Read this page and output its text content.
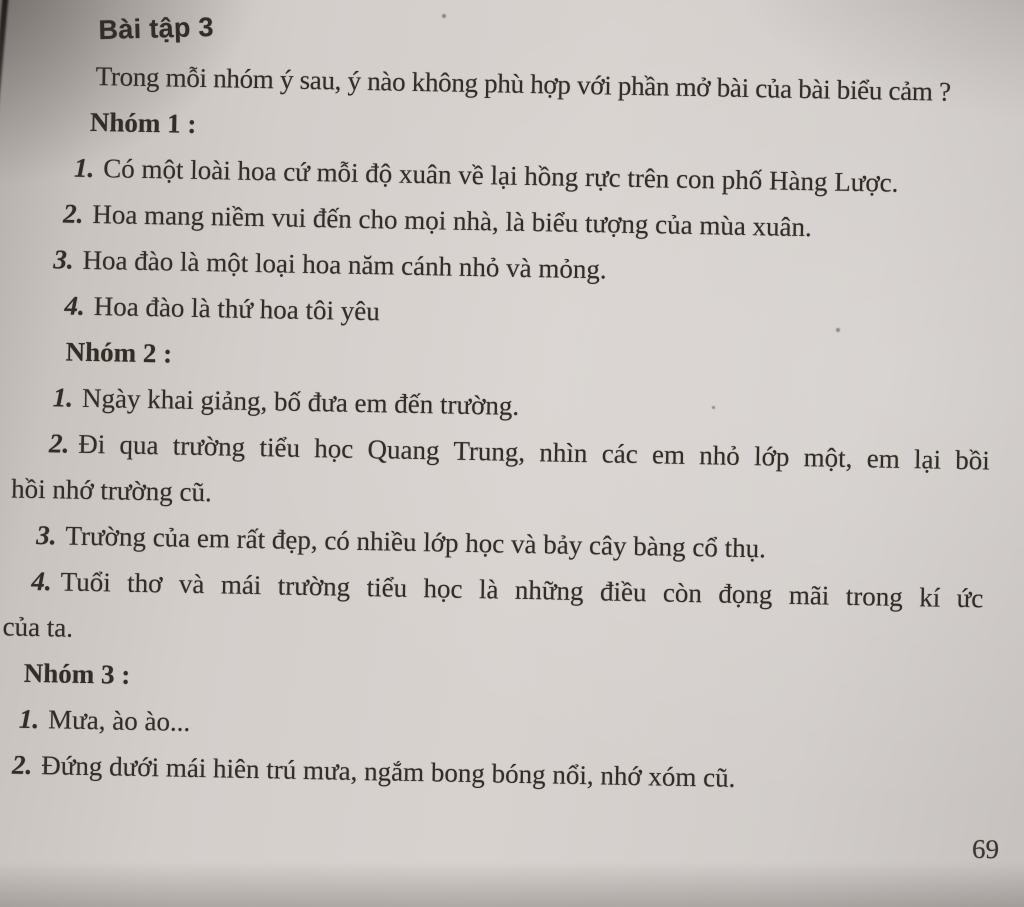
Bài tập 3

Trong mỗi nhóm ý sau, ý nào không phù hợp với phần mở bài của bài biểu cảm ?

Nhóm 1 :

1. Có một loài hoa cứ mỗi độ xuân về lại hồng rực trên con phố Hàng Lược.

2. Hoa mang niềm vui đến cho mọi nhà, là biểu tượng của mùa xuân.

3. Hoa đào là một loại hoa năm cánh nhỏ và mỏng.

4. Hoa đào là thứ hoa tôi yêu

Nhóm 2 :

1. Ngày khai giảng, bố đưa em đến trường.

2. Đi qua trường tiểu học Quang Trung, nhìn các em nhỏ lớp một, em lại bồi

hồi nhớ trường cũ.

3. Trường của em rất đẹp, có nhiều lớp học và bảy cây bàng cổ thụ.

4. Tuổi thơ và mái trường tiểu học là những điều còn đọng mãi trong kí ức

của ta.

Nhóm 3 :

1. Mưa, ào ào...

2. Đứng dưới mái hiên trú mưa, ngắm bong bóng nổi, nhớ xóm cũ.

69
